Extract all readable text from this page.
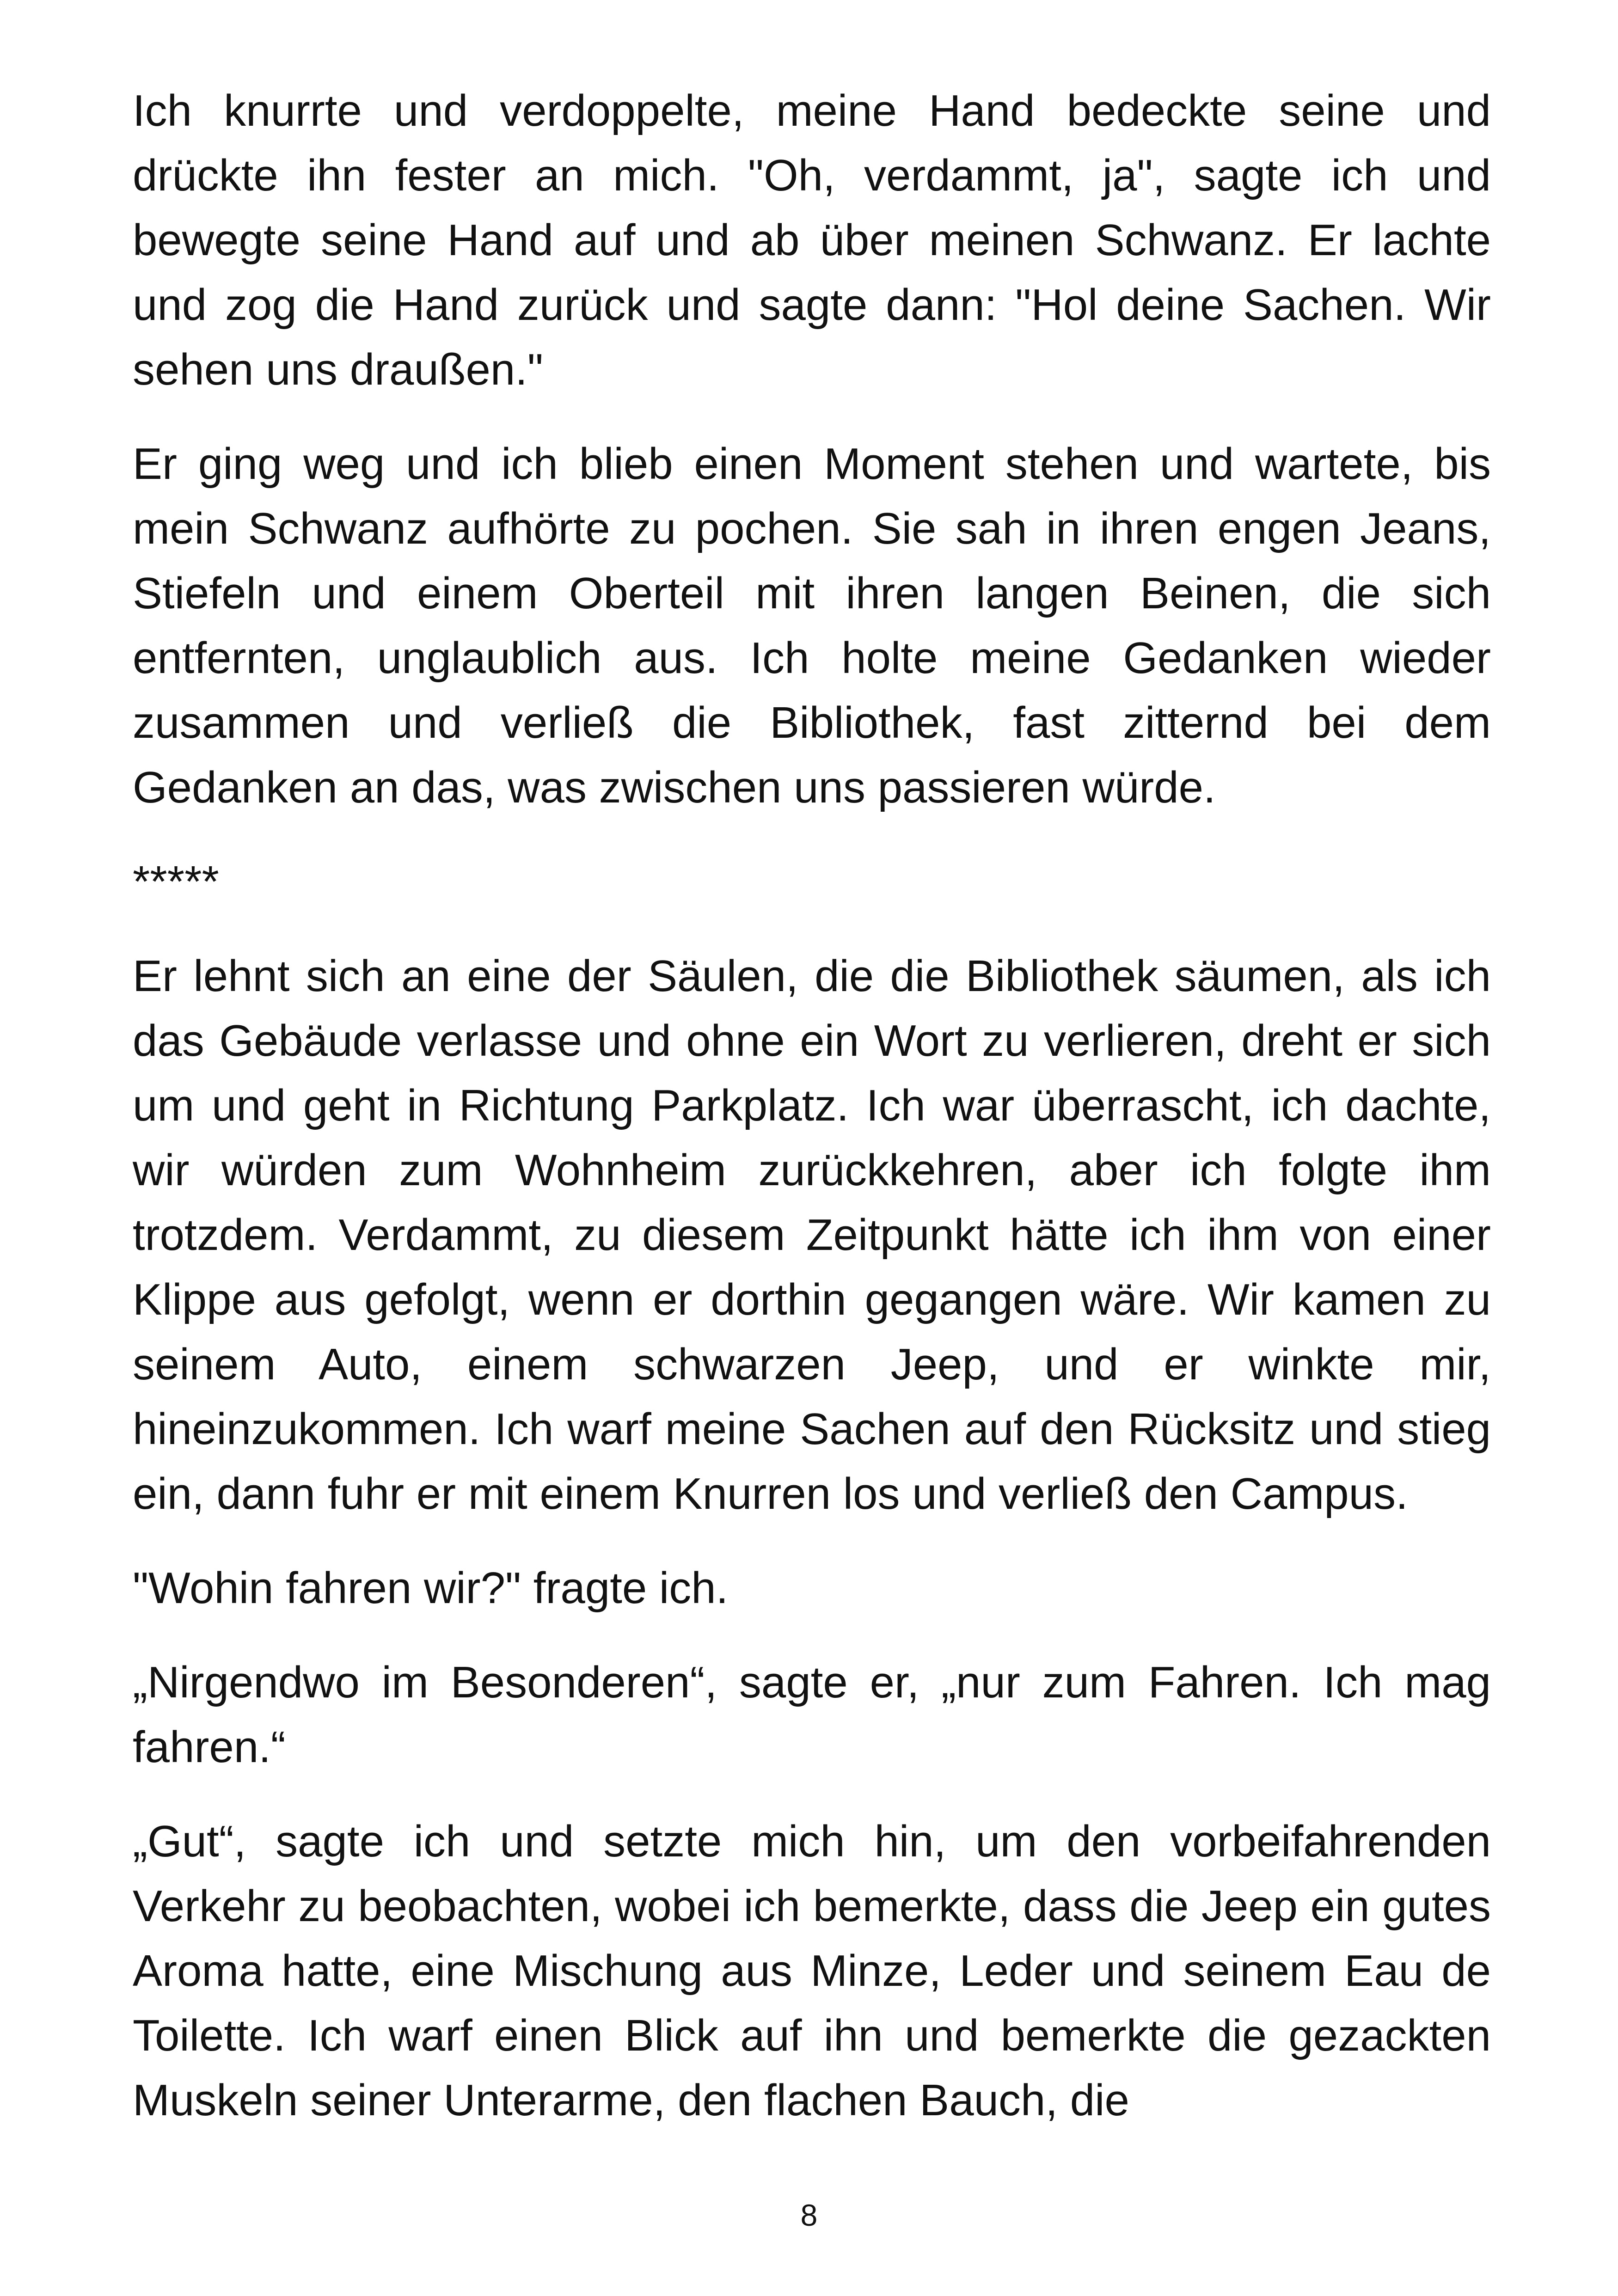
Ich knurrte und verdoppelte, meine Hand bedeckte seine und drückte ihn fester an mich. "Oh, verdammt, ja", sagte ich und bewegte seine Hand auf und ab über meinen Schwanz. Er lachte und zog die Hand zurück und sagte dann: "Hol deine Sachen. Wir sehen uns draußen."

Er ging weg und ich blieb einen Moment stehen und wartete, bis mein Schwanz aufhörte zu pochen. Sie sah in ihren engen Jeans, Stiefeln und einem Oberteil mit ihren langen Beinen, die sich entfernten, unglaublich aus. Ich holte meine Gedanken wieder zusammen und verließ die Bibliothek, fast zitternd bei dem Gedanken an das, was zwischen uns passieren würde.

*****

Er lehnt sich an eine der Säulen, die die Bibliothek säumen, als ich das Gebäude verlasse und ohne ein Wort zu verlieren, dreht er sich um und geht in Richtung Parkplatz. Ich war überrascht, ich dachte, wir würden zum Wohnheim zurückkehren, aber ich folgte ihm trotzdem. Verdammt, zu diesem Zeitpunkt hätte ich ihm von einer Klippe aus gefolgt, wenn er dorthin gegangen wäre. Wir kamen zu seinem Auto, einem schwarzen Jeep, und er winkte mir, hineinzukommen. Ich warf meine Sachen auf den Rücksitz und stieg ein, dann fuhr er mit einem Knurren los und verließ den Campus.

"Wohin fahren wir?" fragte ich.

„Nirgendwo im Besonderen“, sagte er, „nur zum Fahren. Ich mag fahren.“

„Gut“, sagte ich und setzte mich hin, um den vorbeifahrenden Verkehr zu beobachten, wobei ich bemerkte, dass die Jeep ein gutes Aroma hatte, eine Mischung aus Minze, Leder und seinem Eau de Toilette. Ich warf einen Blick auf ihn und bemerkte die gezackten Muskeln seiner Unterarme, den flachen Bauch, die

8
